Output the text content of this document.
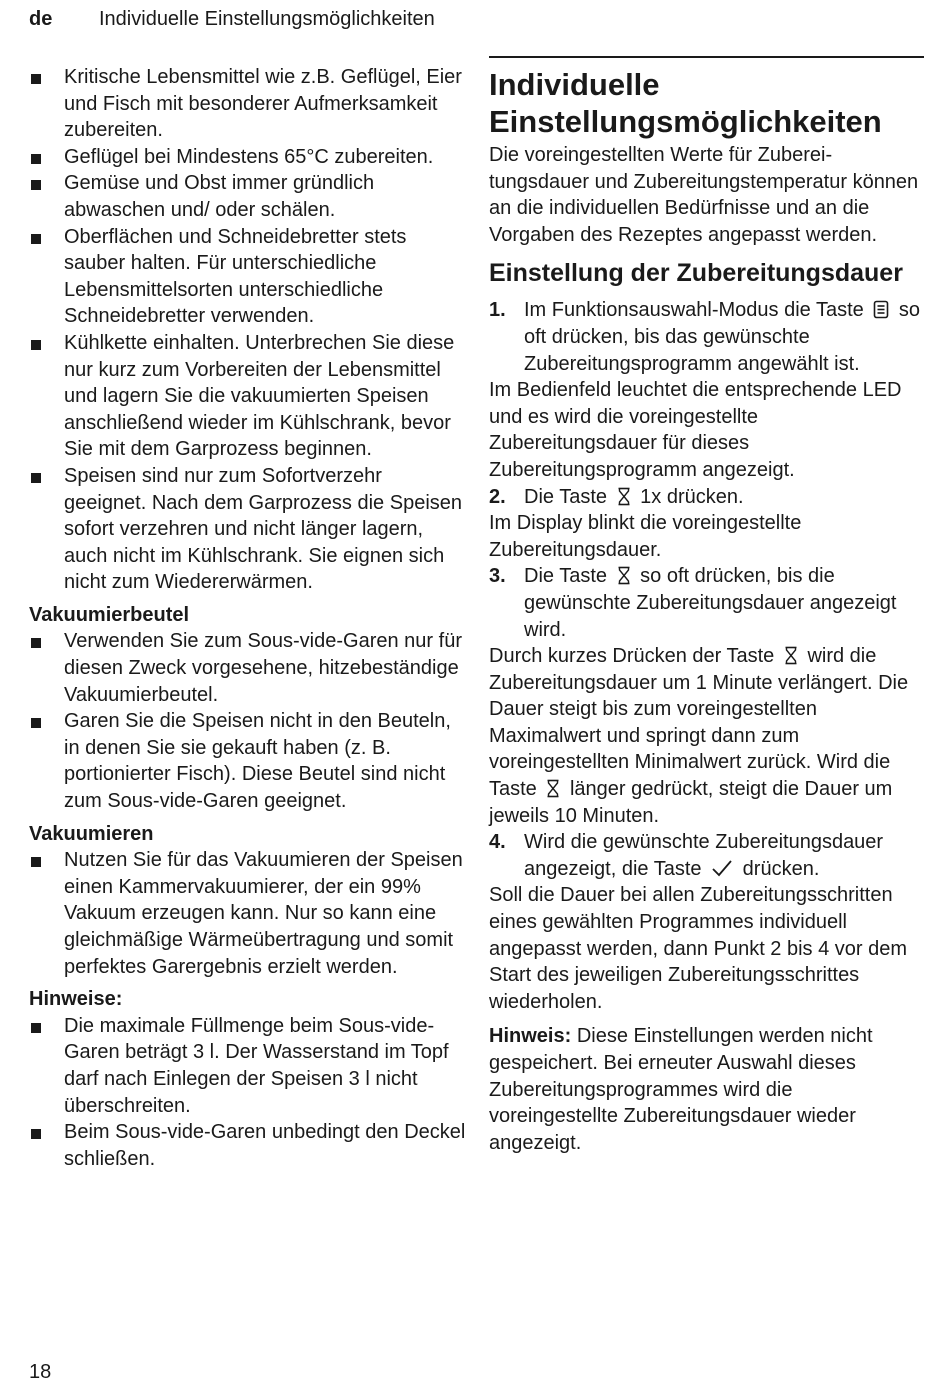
de Individuelle Einstellungsmöglichkeiten
Kritische Lebensmittel wie z.B. Geflügel, Eier und Fisch mit besonderer Aufmerksamkeit zubereiten.
Geflügel bei Mindestens 65°C zubereiten.
Gemüse und Obst immer gründlich abwaschen und/ oder schälen.
Oberflächen und Schneidebretter stets sauber halten. Für unterschiedliche Lebensmittelsorten unterschiedliche Schneidebretter verwenden.
Kühlkette einhalten. Unterbrechen Sie diese nur kurz zum Vorbereiten der Lebensmittel und lagern Sie die vakuumierten Speisen anschließend wieder im Kühlschrank, bevor Sie mit dem Garprozess beginnen.
Speisen sind nur zum Sofortverzehr geeignet. Nach dem Garprozess die Speisen sofort verzehren und nicht länger lagern, auch nicht im Kühlschrank. Sie eignen sich nicht zum Wiedererwärmen.
Vakuumierbeutel
Verwenden Sie zum Sous-vide-Garen nur für diesen Zweck vorgesehene, hitzebeständige Vakuumierbeutel.
Garen Sie die Speisen nicht in den Beuteln, in denen Sie sie gekauft haben (z. B. portionierter Fisch). Diese Beutel sind nicht zum Sous-vide-Garen geeignet.
Vakuumieren
Nutzen Sie für das Vakuumieren der Speisen einen Kammervakuumierer, der ein 99% Vakuum erzeugen kann. Nur so kann eine gleichmäßige Wärmeübertragung und somit perfektes Garergebnis erzielt werden.
Hinweise:
Die maximale Füllmenge beim Sous-vide-Garen beträgt 3 l. Der Wasserstand im Topf darf nach Einlegen der Speisen 3 l nicht überschreiten.
Beim Sous-vide-Garen unbedingt den Deckel schließen.
Individuelle Einstellungsmöglichkeiten
Die voreingestellten Werte für Zubereitungsdauer und Zubereitungstemperatur können an die individuellen Bedürfnisse und an die Vorgaben des Rezeptes angepasst werden.
Einstellung der Zubereitungsdauer
1. Im Funktionsauswahl-Modus die Taste so oft drücken, bis das gewünschte Zubereitungsprogramm angewählt ist.
Im Bedienfeld leuchtet die entsprechende LED und es wird die voreingestellte Zubereitungsdauer für dieses Zubereitungsprogramm angezeigt.
2. Die Taste 1x drücken.
Im Display blinkt die voreingestellte Zubereitungsdauer.
3. Die Taste so oft drücken, bis die gewünschte Zubereitungsdauer angezeigt wird.
Durch kurzes Drücken der Taste wird die Zubereitungsdauer um 1 Minute verlängert. Die Dauer steigt bis zum voreingestellten Maximalwert und springt dann zum voreingestellten Minimalwert zurück. Wird die Taste länger gedrückt, steigt die Dauer um jeweils 10 Minuten.
4. Wird die gewünschte Zubereitungsdauer angezeigt, die Taste drücken.
Soll die Dauer bei allen Zubereitungsschritten eines gewählten Programmes individuell angepasst werden, dann Punkt 2 bis 4 vor dem Start des jeweiligen Zubereitungsschrittes wiederholen.
Hinweis: Diese Einstellungen werden nicht gespeichert. Bei erneuter Auswahl dieses Zubereitungsprogrammes wird die voreingestellte Zubereitungsdauer wieder angezeigt.
18
